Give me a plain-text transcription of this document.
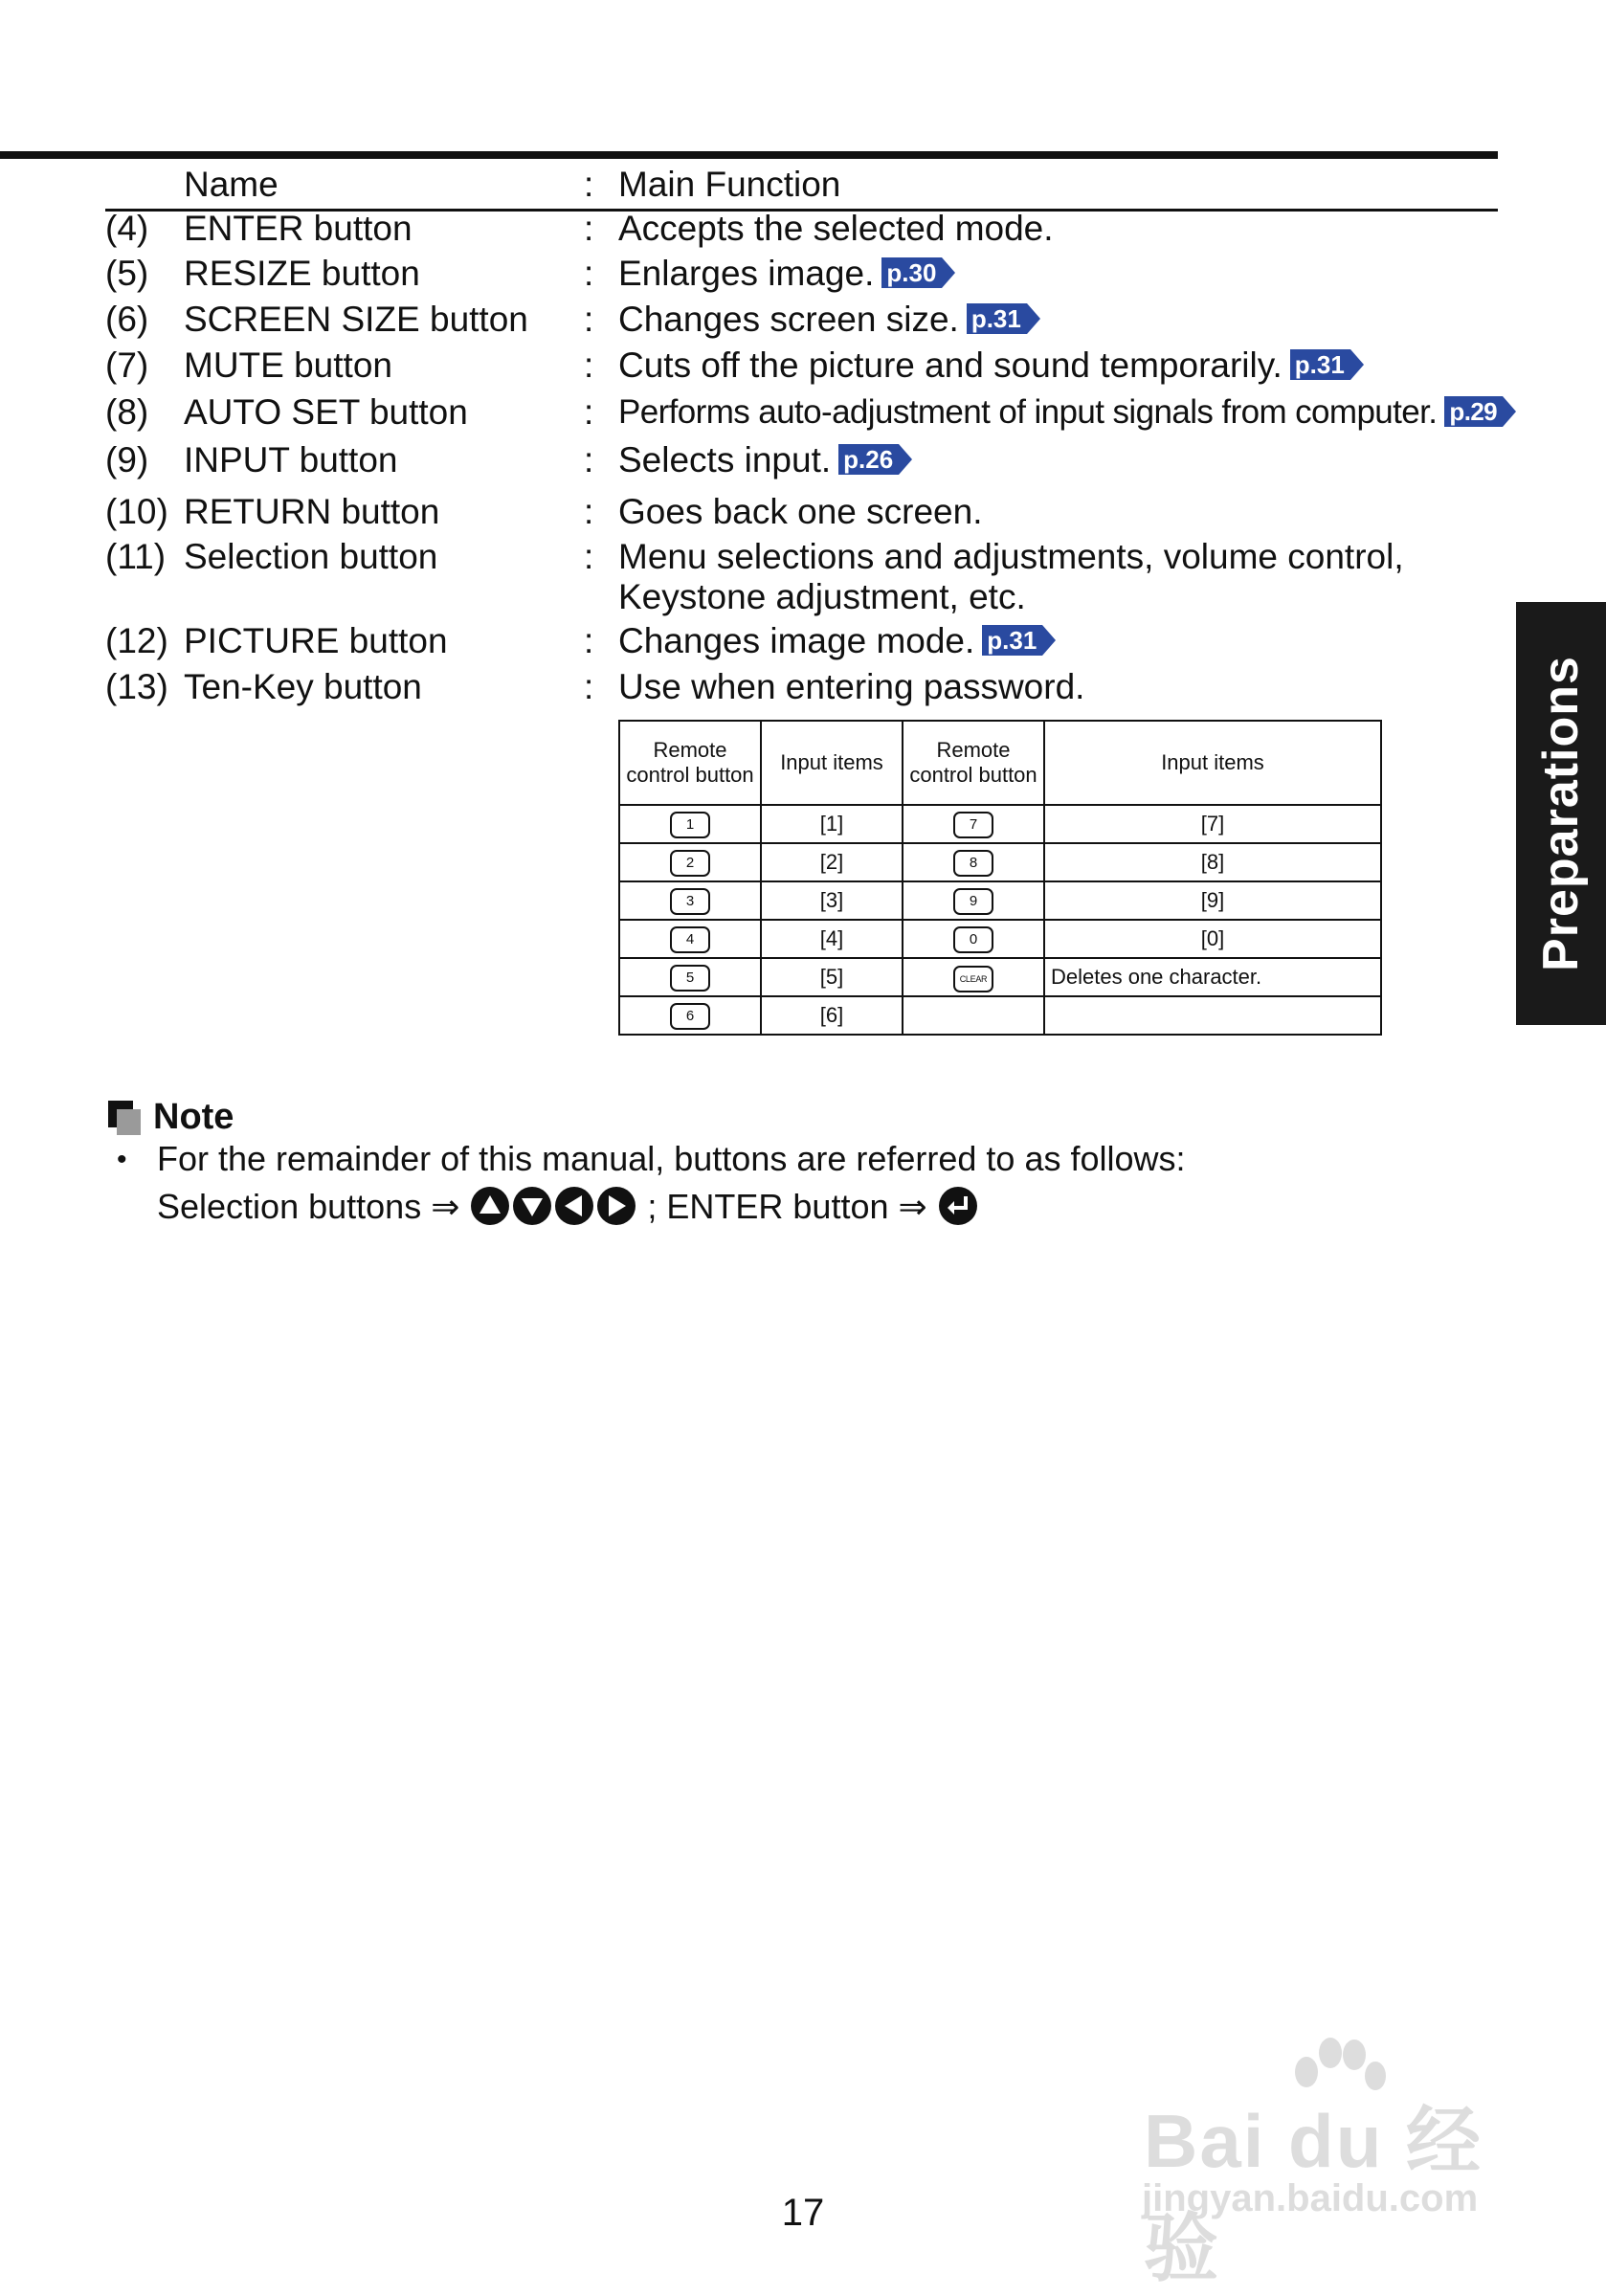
Name	: Main Function
(4) ENTER button	: Accepts the selected mode.
(5) RESIZE button	: Enlarges image. p.30
(6) SCREEN SIZE button : Changes screen size. p.31
(7) MUTE button	: Cuts off the picture and sound temporarily. p.31
(8) AUTO SET button	: Performs auto-adjustment of input signals from computer. p.29
(9) INPUT button	: Selects input. p.26
(10) RETURN button	: Goes back one screen.
(11) Selection button	: Menu selections and adjustments, volume control,
Keystone adjustment, etc.
(12) PICTURE button	: Changes image mode. p.31
(13) Ten-Key button	: Use when entering password.
Remote control button	Input items	Remote control button	Input items
1	[1]	7	[7]
2	[2]	8	[8]
3	[3]	9	[9]
4	[4]	0	[0]
5	[5]	CLEAR	Deletes one character.
6	[6]		
Preparations
Note
• For the remainder of this manual, buttons are referred to as follows:
Selection buttons ⇒	; ENTER button ⇒
17
Bai du 经验
jingyan.baidu.com
